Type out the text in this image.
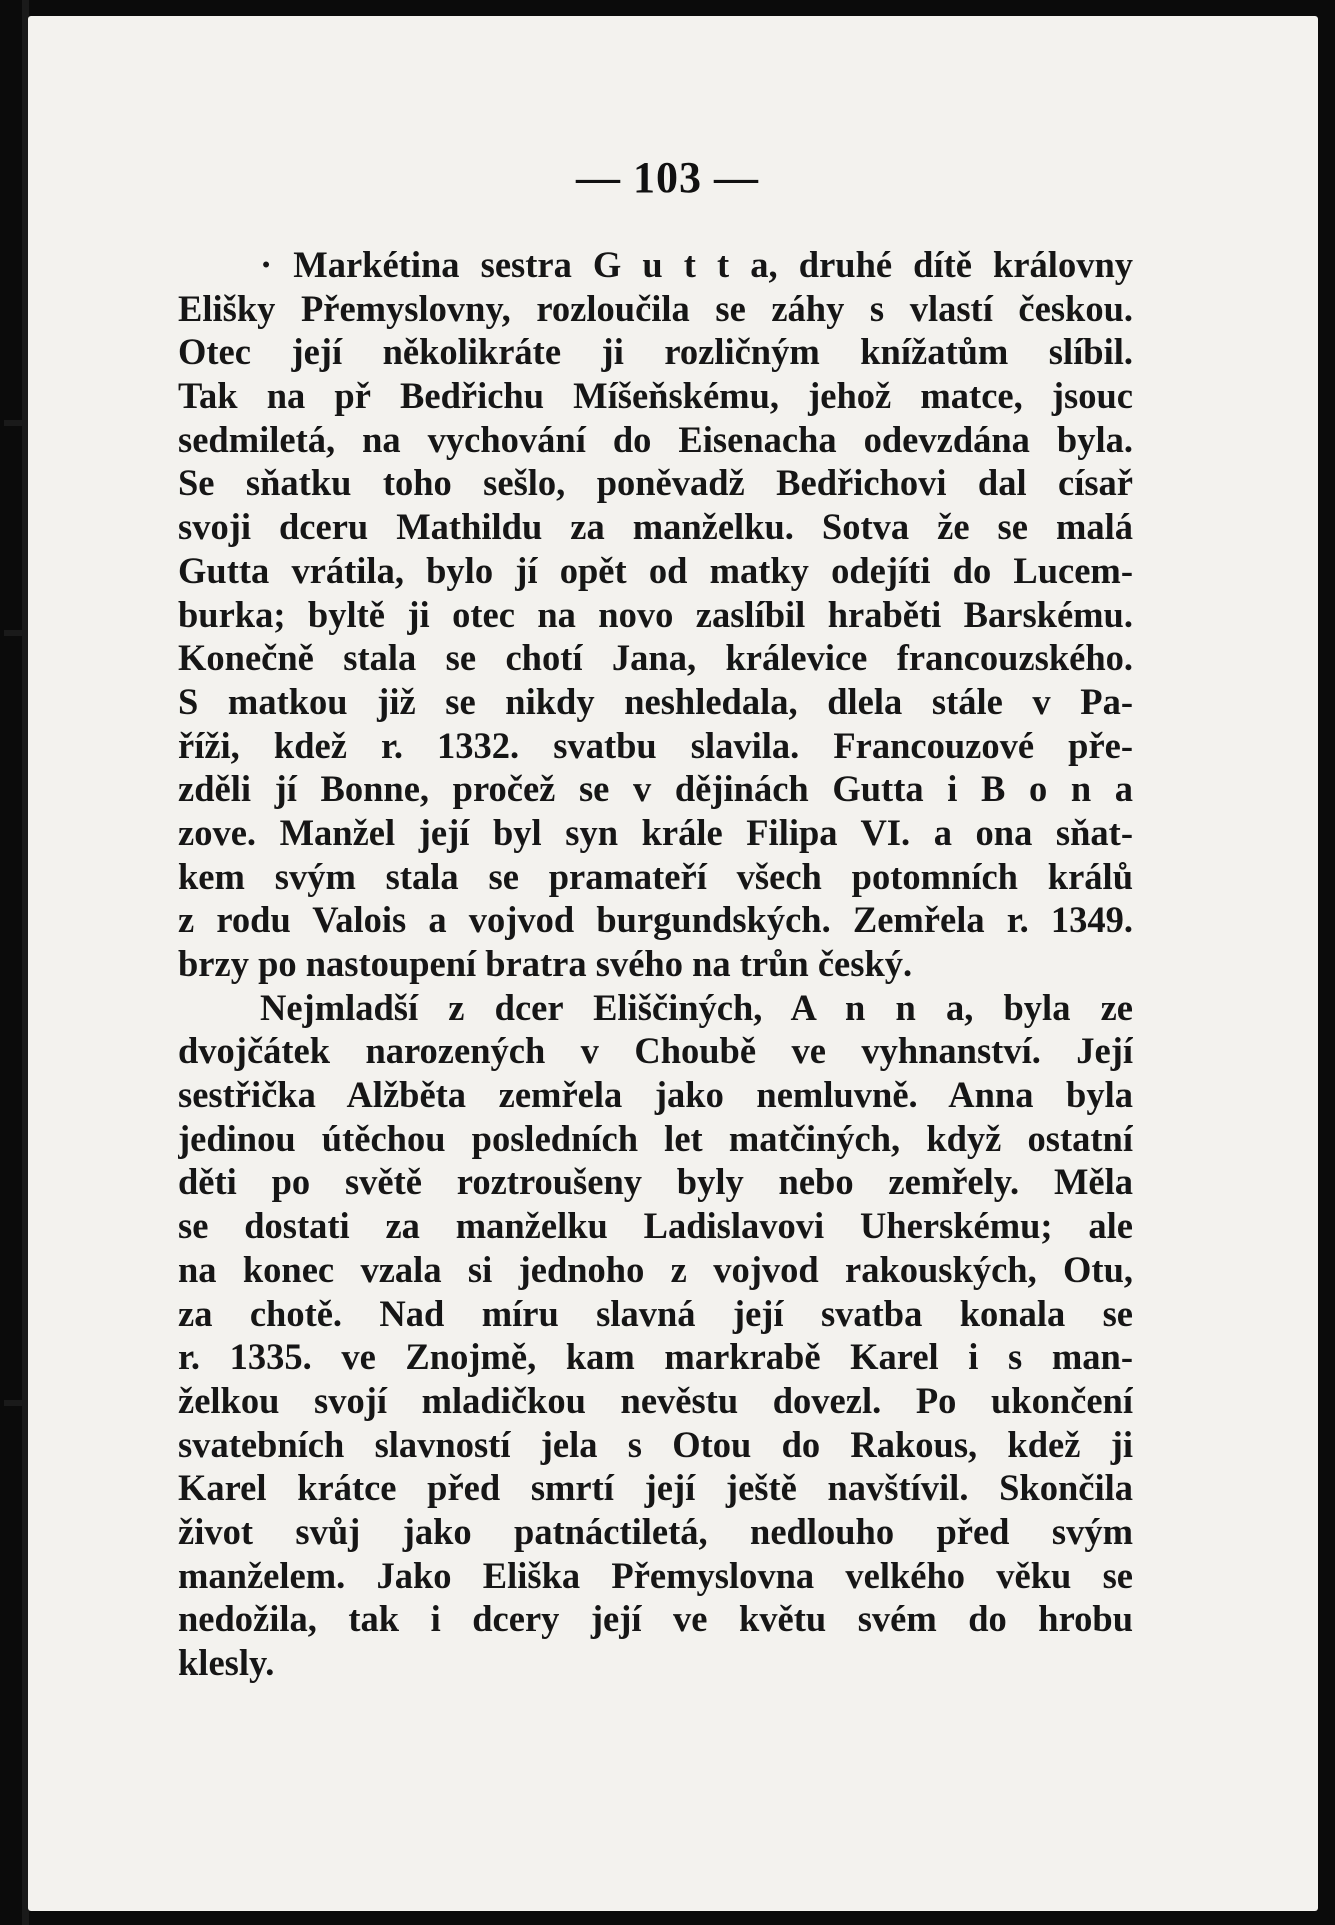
— 103 —
· Markétina sestra G u t t a, druhé dítě královny
Elišky Přemyslovny, rozloučila se záhy s vlastí českou.
Otec její několikráte ji rozličným knížatům slíbil.
Tak na př Bedřichu Míšeňskému, jehož matce, jsouc
sedmiletá, na vychování do Eisenacha odevzdána byla.
Se sňatku toho sešlo, poněvadž Bedřichovi dal císař
svoji dceru Mathildu za manželku. Sotva že se malá
Gutta vrátila, bylo jí opět od matky odejíti do Lucem-
burka; byltě ji otec na novo zaslíbil hraběti Barskému.
Konečně stala se chotí Jana, králevice francouzského.
S matkou již se nikdy neshledala, dlela stále v Pa-
říži, kdež r. 1332. svatbu slavila. Francouzové pře-
zděli jí Bonne, pročež se v dějinách Gutta i B o n a
zove. Manžel její byl syn krále Filipa VI. a ona sňat-
kem svým stala se pramateří všech potomních králů
z rodu Valois a vojvod burgundských. Zemřela r. 1349.
brzy po nastoupení bratra svého na trůn český.
Nejmladší z dcer Eliščiných, A n n a, byla ze
dvojčátek narozených v Choubě ve vyhnanství. Její
sestřička Alžběta zemřela jako nemluvně. Anna byla
jedinou útěchou posledních let matčiných, když ostatní
děti po světě roztroušeny byly nebo zemřely. Měla
se dostati za manželku Ladislavovi Uherskému; ale
na konec vzala si jednoho z vojvod rakouských, Otu,
za chotě. Nad míru slavná její svatba konala se
r. 1335. ve Znojmě, kam markrabě Karel i s man-
želkou svojí mladičkou nevěstu dovezl. Po ukončení
svatebních slavností jela s Otou do Rakous, kdež ji
Karel krátce před smrtí její ještě navštívil. Skončila
život svůj jako patnáctiletá, nedlouho před svým
manželem. Jako Eliška Přemyslovna velkého věku se
nedožila, tak i dcery její ve květu svém do hrobu
klesly.
